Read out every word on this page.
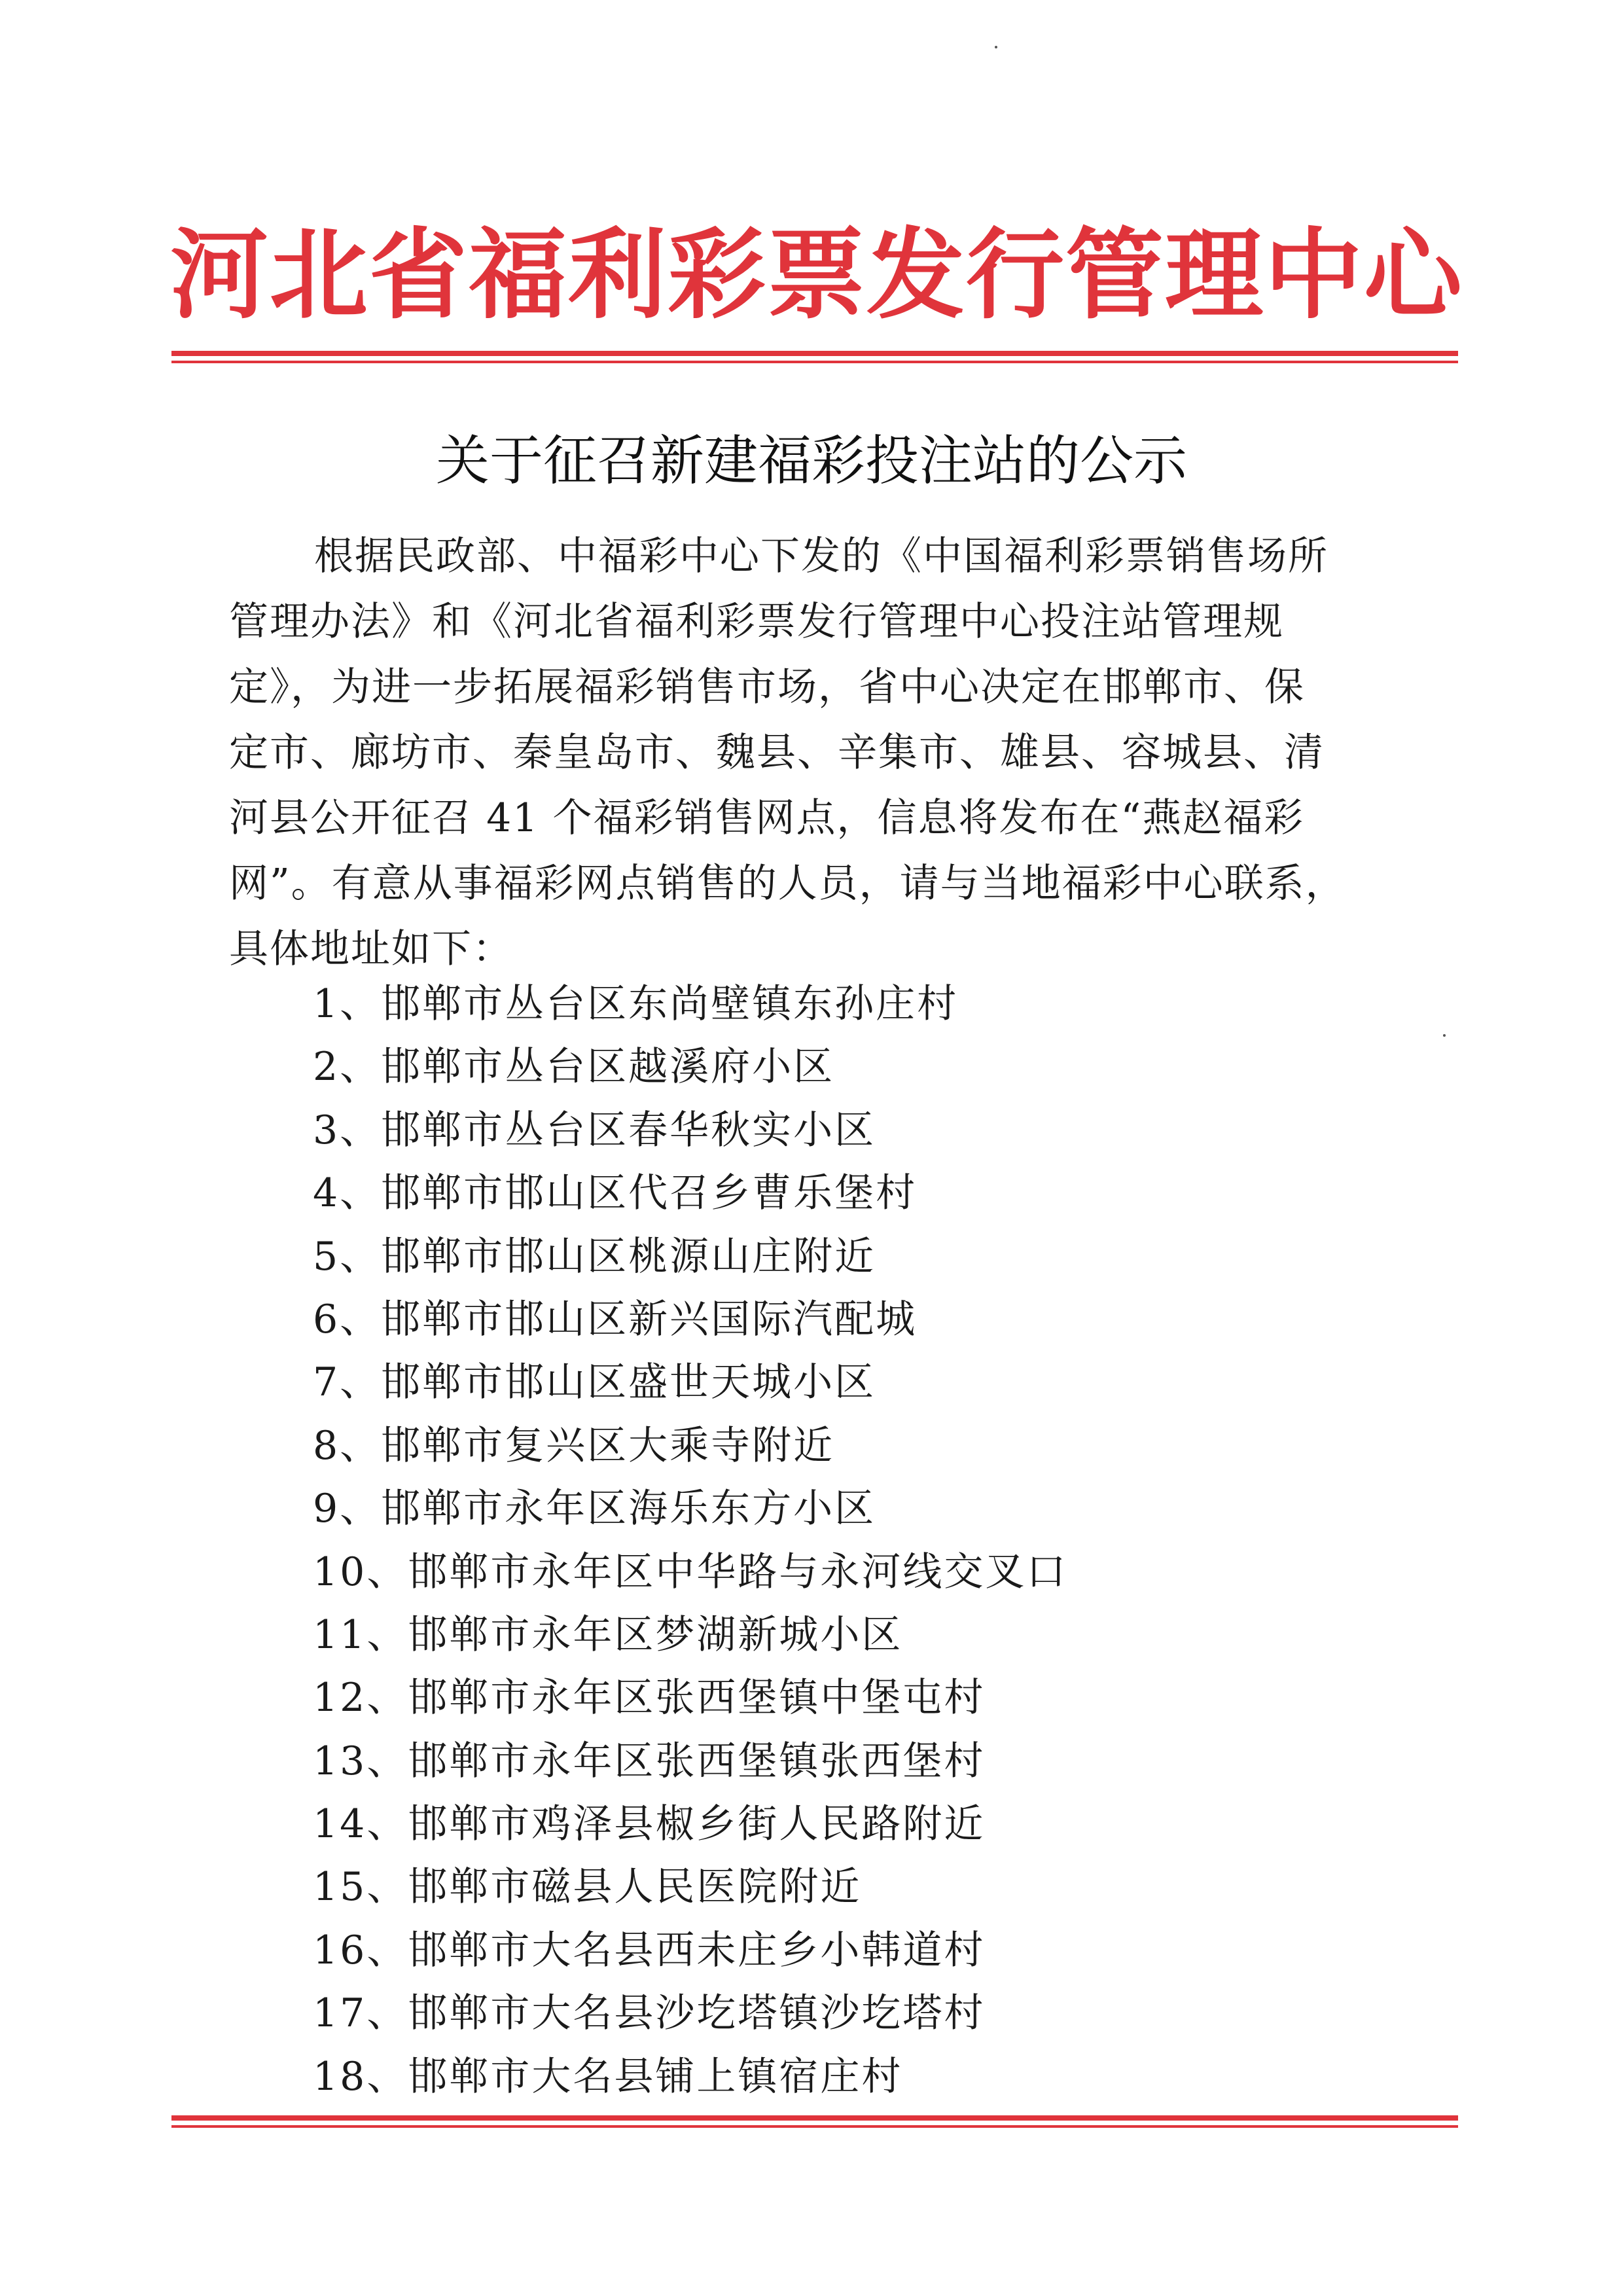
河北省福利彩票发行管理中心
关于征召新建福彩投注站的公示
根据民政部、中福彩中心下发的《中国福利彩票销售场所
管理办法》和《河北省福利彩票发行管理中心投注站管理规
定》，为进一步拓展福彩销售市场，省中心决定在邯郸市、保
定市、廊坊市、秦皇岛市、魏县、辛集市、雄县、容城县、清
河县公开征召 41 个福彩销售网点，信息将发布在“燕赵福彩
网”。有意从事福彩网点销售的人员，请与当地福彩中心联系，
具体地址如下：
1、邯郸市丛台区东尚壁镇东孙庄村
2、邯郸市丛台区越溪府小区
3、邯郸市丛台区春华秋实小区
4、邯郸市邯山区代召乡曹乐堡村
5、邯郸市邯山区桃源山庄附近
6、邯郸市邯山区新兴国际汽配城
7、邯郸市邯山区盛世天城小区
8、邯郸市复兴区大乘寺附近
9、邯郸市永年区海乐东方小区
10、邯郸市永年区中华路与永河线交叉口
11、邯郸市永年区梦湖新城小区
12、邯郸市永年区张西堡镇中堡屯村
13、邯郸市永年区张西堡镇张西堡村
14、邯郸市鸡泽县椒乡街人民路附近
15、邯郸市磁县人民医院附近
16、邯郸市大名县西未庄乡小韩道村
17、邯郸市大名县沙圪塔镇沙圪塔村
18、邯郸市大名县铺上镇宿庄村
